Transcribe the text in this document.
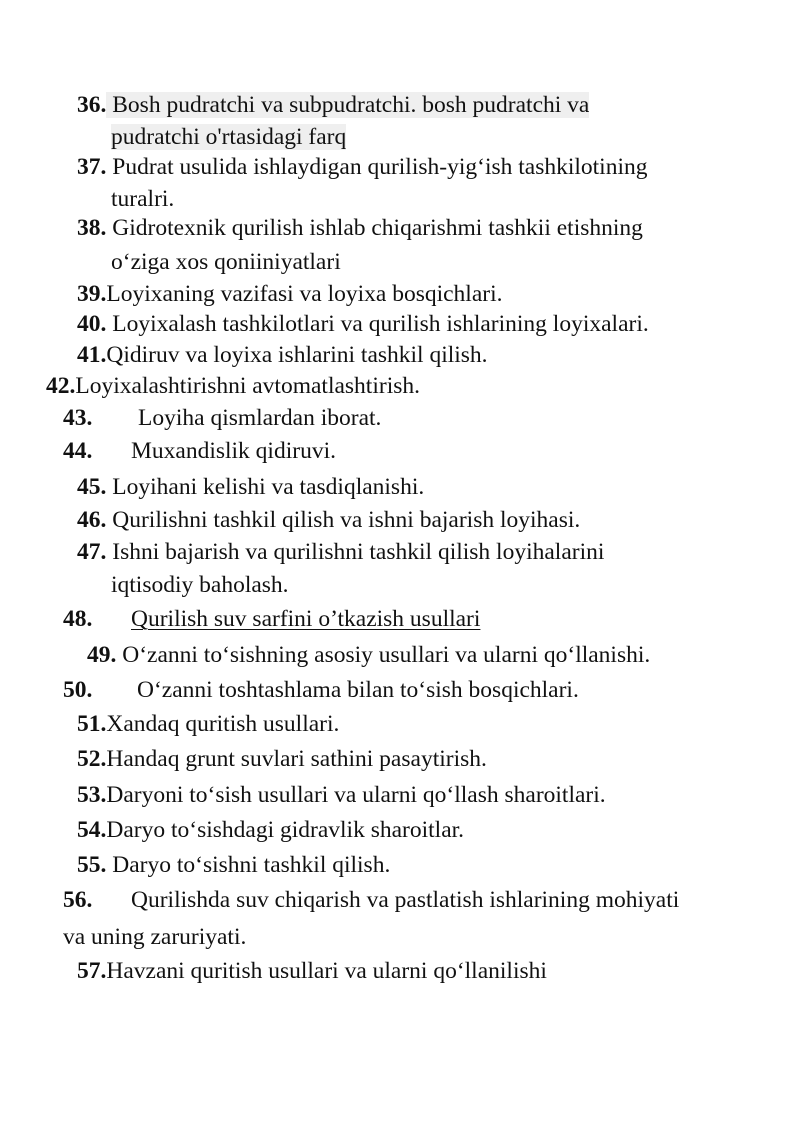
36. Bosh pudratchi va subpudratchi. bosh pudratchi va
pudratchi o'rtasidagi farq
37. Pudrat usulida ishlaydigan qurilish-yig‘ish tashkilotining
turalri.
38. Gidrotexnik qurilish ishlab chiqarishmi tashkii etishning
o‘ziga xos qoniiniyatlari
39.Loyixaning vazifasi va loyixa bosqichlari.
40. Loyixalash tashkilotlari va qurilish ishlarining loyixalari.
41.Qidiruv va loyixa ishlarini tashkil qilish.
42.Loyixalashtirishni avtomatlashtirish.
43. Loyiha qismlardan iborat.
44. Muxandislik qidiruvi.
45. Loyihani kelishi va tasdiqlanishi.
46. Qurilishni tashkil qilish va ishni bajarish loyihasi.
47. Ishni bajarish va qurilishni tashkil qilish loyihalarini
iqtisodiy baholash.
48. Qurilish suv sarfini o’tkazish usullari
49. O‘zanni to‘sishning asosiy usullari va ularni qo‘llanishi.
50. O‘zanni toshtashlama bilan to‘sish bosqichlari.
51.Xandaq quritish usullari.
52.Handaq grunt suvlari sathini pasaytirish.
53.Daryoni to‘sish usullari va ularni qo‘llash sharoitlari.
54.Daryo to‘sishdagi gidravlik sharoitlar.
55. Daryo to‘sishni tashkil qilish.
56. Qurilishda suv chiqarish va pastlatish ishlarining mohiyati
va uning zaruriyati.
57.Havzani quritish usullari va ularni qo‘llanilishi
